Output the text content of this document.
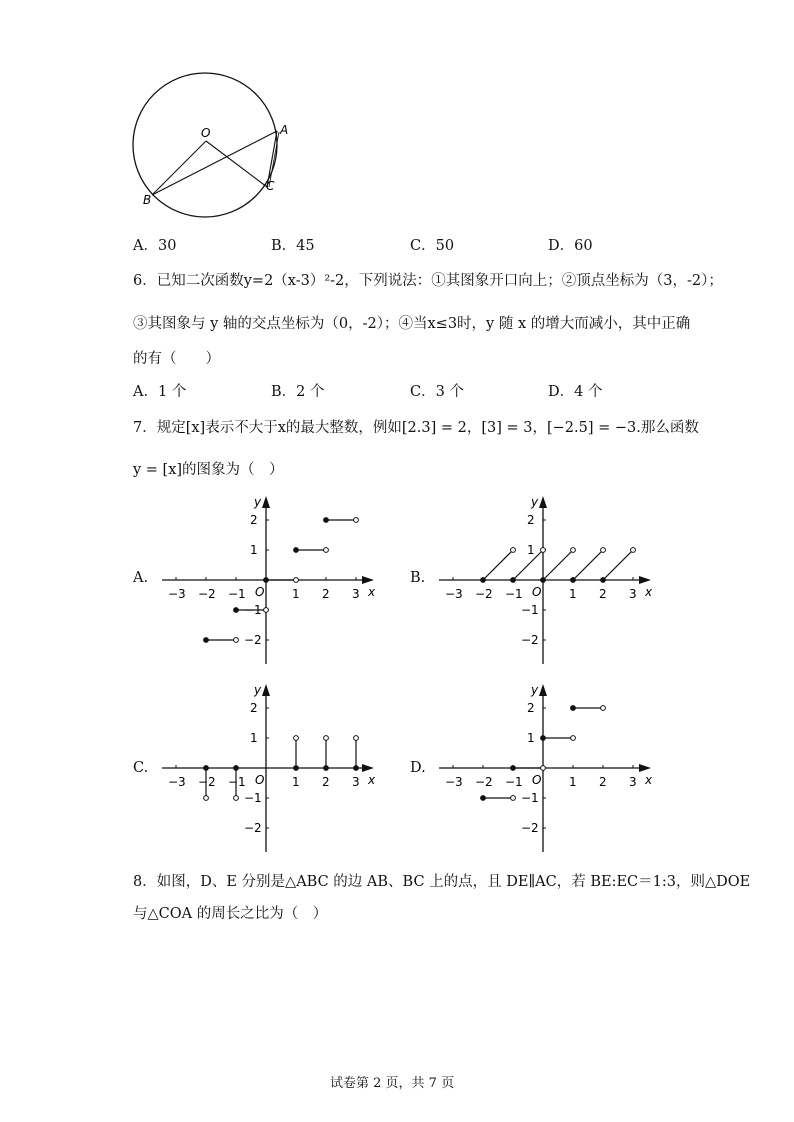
O	A
B
C
A．30	B．45	C．50	D．60
6．已知二次函数y=2（x-3）²-2，下列说法：①其图象开口向上；②顶点坐标为（3，-2）；
③其图象与 y 轴的交点坐标为（0，-2）；④当x≤3时，y 随 x 的增大而减小，其中正确
的有（　　）
A．1 个	B．2 个	C．3 个	D．4 个
7．规定[x]表示不大于x的最大整数，例如[2.3] = 2，[3] = 3，[−2.5] = −3.那么函数
y = [x]的图象为（　）
A.	B.
C.	D.
−3 −2 −1	1 2 3
2
1
−1
−2
O	x
y
−3 −2 −1	1 2 3
2
1
−1
−2
O	x
y
−3 −2 −1	1 2 3
2
1
−1
−2
O	x
y
−3 −2 −1	1 2 3
2
1
−1
−2
O	x
y
8．如图，D、E 分别是△ABC 的边 AB、BC 上的点，且 DE∥AC，若 BE:EC＝1:3，则△DOE
与△COA 的周长之比为（　）
试卷第 2 页，共 7 页
